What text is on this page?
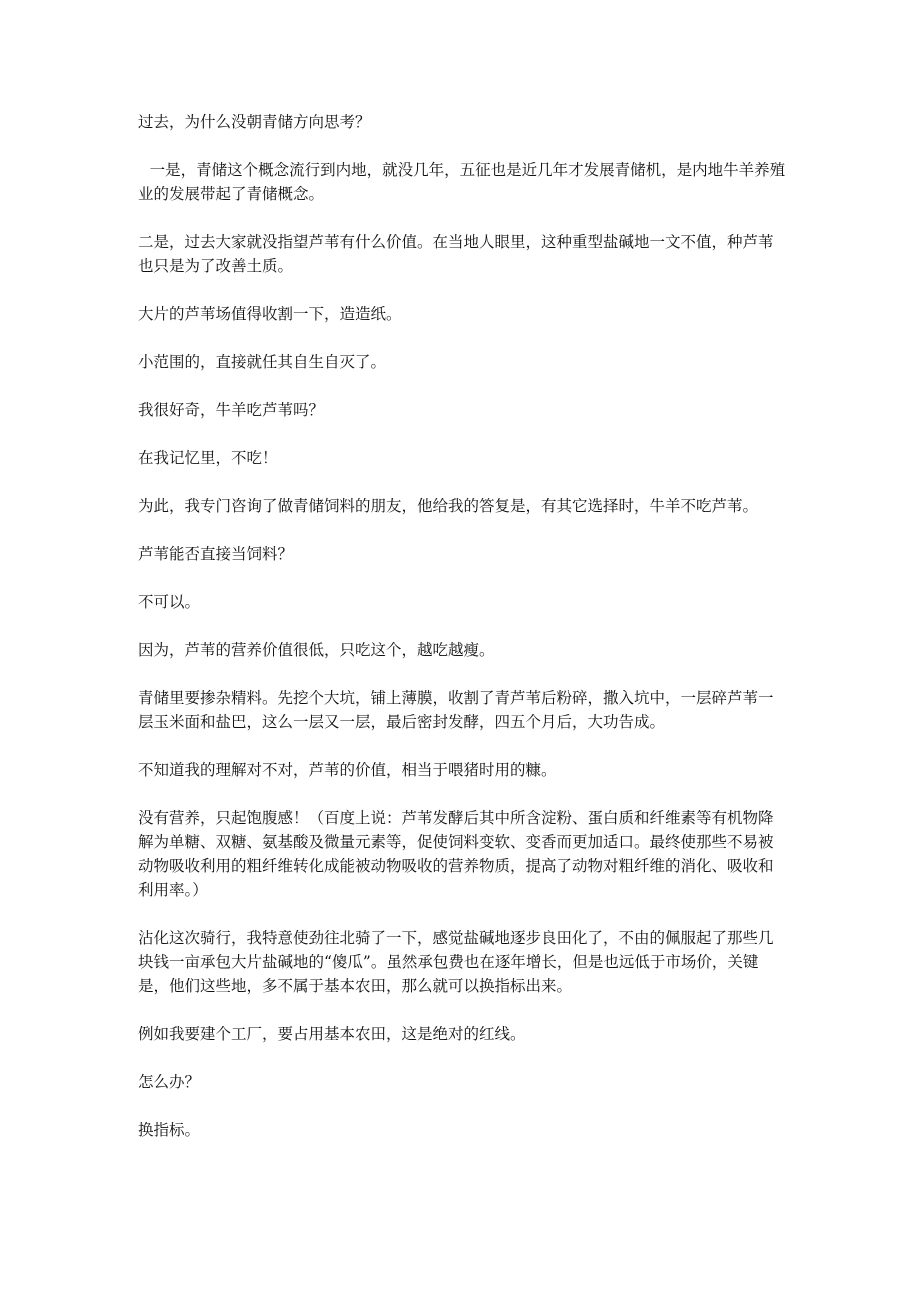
过去，为什么没朝青储方向思考？

一是，青储这个概念流行到内地，就没几年，五征也是近几年才发展青储机，是内地牛羊养殖业的发展带起了青储概念。

二是，过去大家就没指望芦苇有什么价值。在当地人眼里，这种重型盐碱地一文不值，种芦苇也只是为了改善土质。

大片的芦苇场值得收割一下，造造纸。

小范围的，直接就任其自生自灭了。

我很好奇，牛羊吃芦苇吗？

在我记忆里，不吃！

为此，我专门咨询了做青储饲料的朋友，他给我的答复是，有其它选择时，牛羊不吃芦苇。

芦苇能否直接当饲料？

不可以。

因为，芦苇的营养价值很低，只吃这个，越吃越瘦。

青储里要掺杂精料。先挖个大坑，铺上薄膜，收割了青芦苇后粉碎，撒入坑中，一层碎芦苇一层玉米面和盐巴，这么一层又一层，最后密封发酵，四五个月后，大功告成。

不知道我的理解对不对，芦苇的价值，相当于喂猪时用的糠。

没有营养，只起饱腹感！（百度上说：芦苇发酵后其中所含淀粉、蛋白质和纤维素等有机物降解为单糖、双糖、氨基酸及微量元素等，促使饲料变软、变香而更加适口。最终使那些不易被动物吸收利用的粗纤维转化成能被动物吸收的营养物质，提高了动物对粗纤维的消化、吸收和利用率。）

沾化这次骑行，我特意使劲往北骑了一下，感觉盐碱地逐步良田化了，不由的佩服起了那些几块钱一亩承包大片盐碱地的“傻瓜”。虽然承包费也在逐年增长，但是也远低于市场价，关键是，他们这些地，多不属于基本农田，那么就可以换指标出来。

例如我要建个工厂，要占用基本农田，这是绝对的红线。

怎么办？

换指标。
